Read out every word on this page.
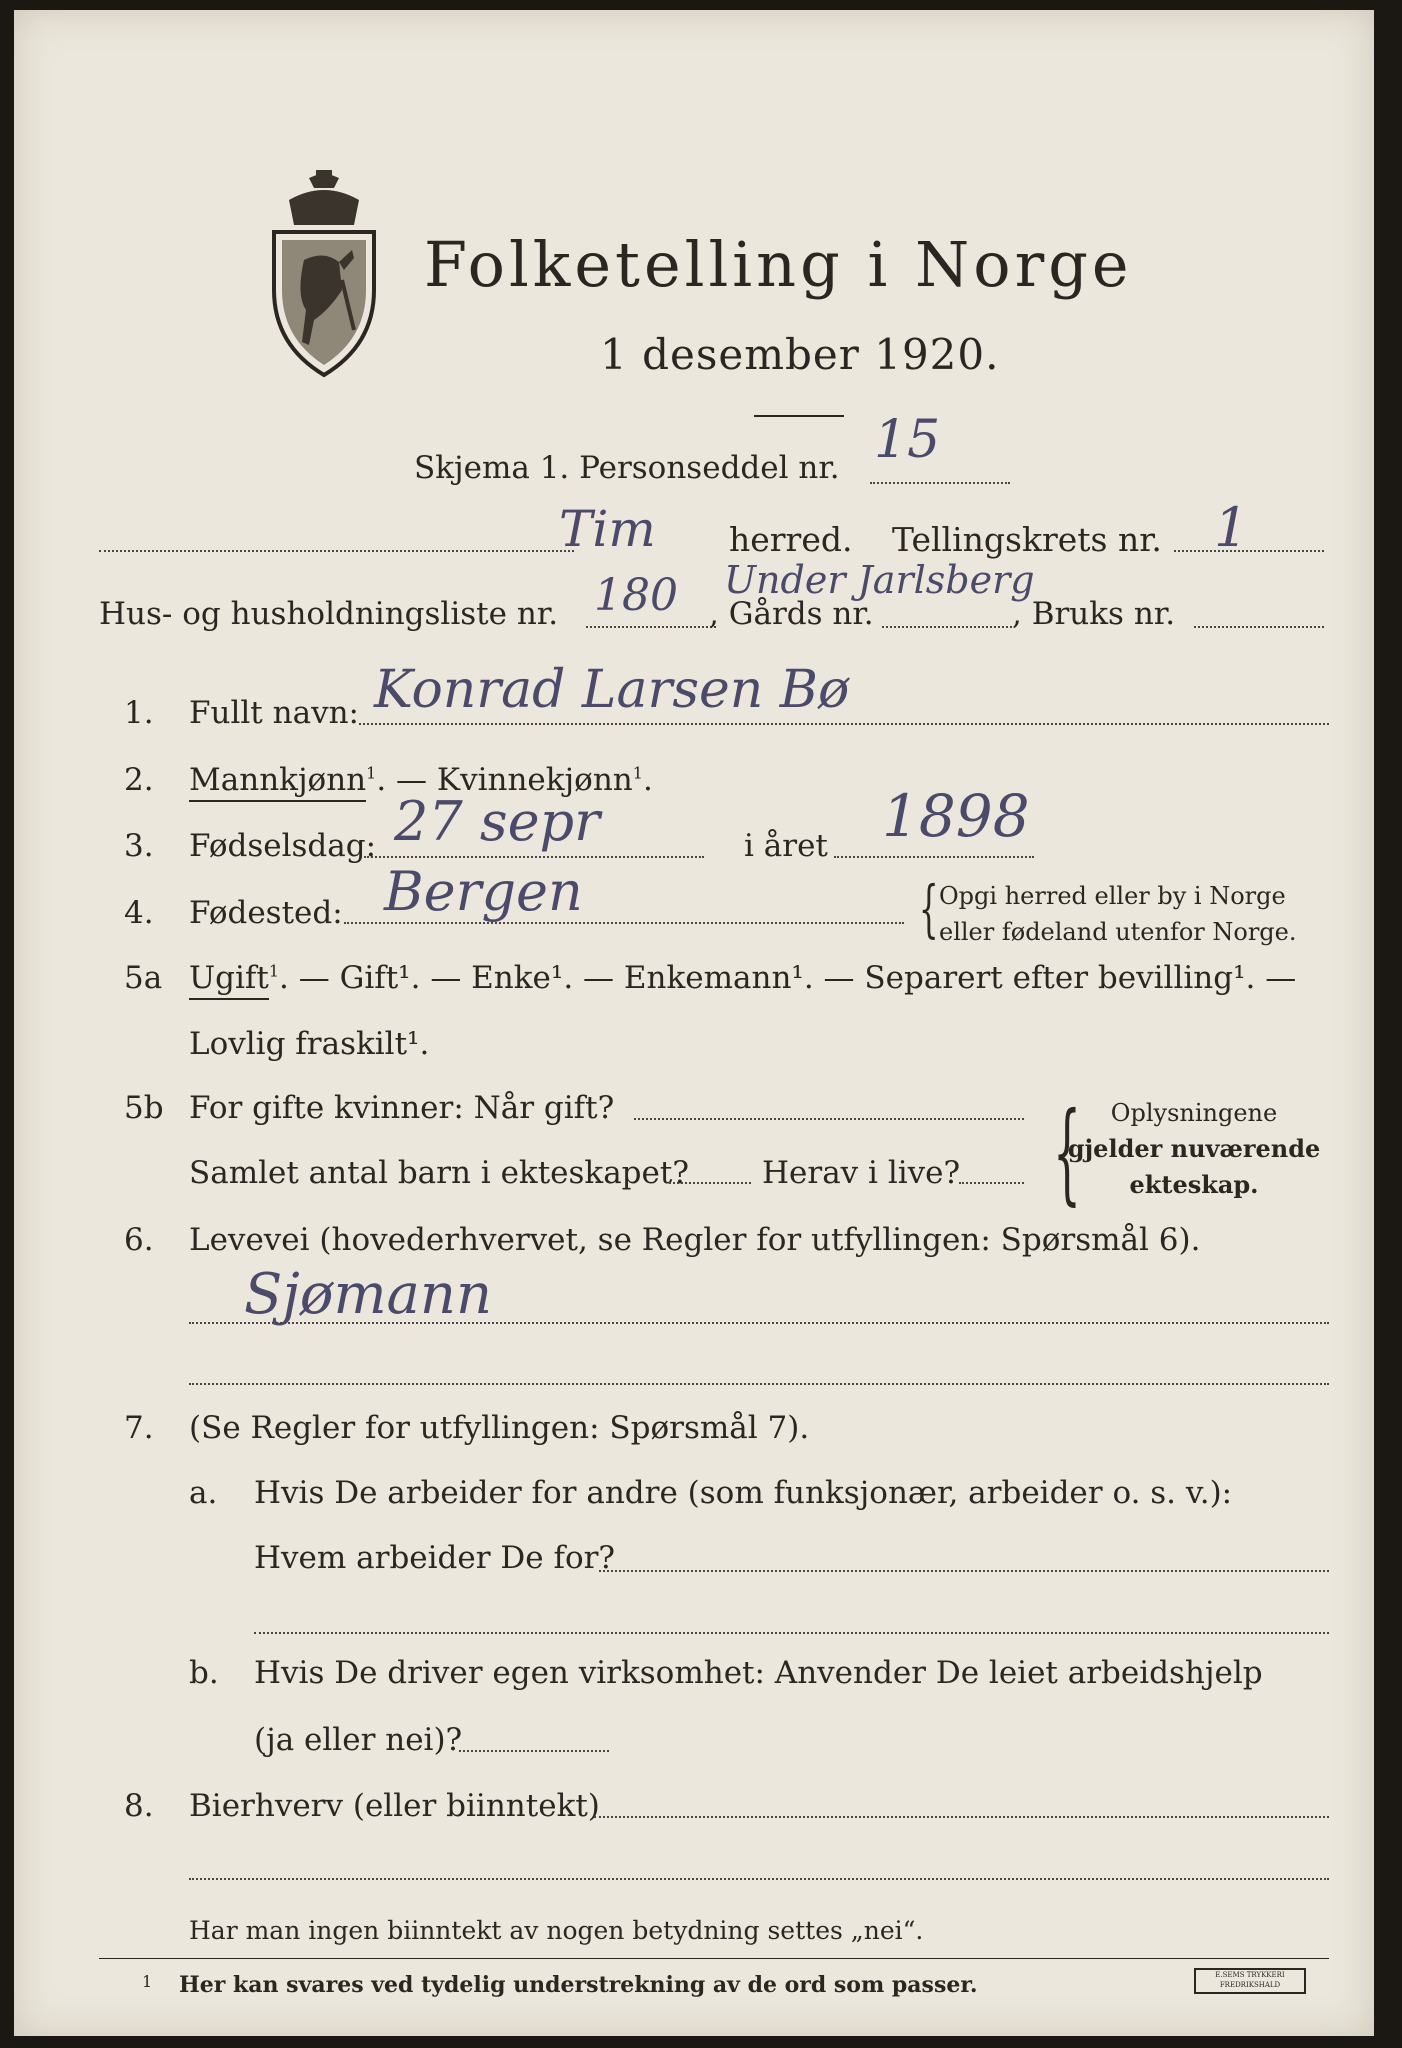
Folketelling i Norge
1 desember 1920.
Skjema 1. Personseddel nr. 15
Tim herred. Tellingskrets nr. 1
Under Jarlsberg
Hus- og husholdningsliste nr. 180 , Gårds nr.	, Bruks nr.
1.	Fullt navn: Konrad Larsen Bø
2.	Mannkjønn$^1$. — Kvinnekjønn$^1$.
3.	Fødselsdag: 27 sepr	i året 1898
4.	Fødested: Bergen	{ Opgi herred eller by i Norge
eller fødeland utenfor Norge.
5a Ugift$^1$. — Gift¹. — Enke¹. — Enkemann¹. — Separert efter bevilling¹. —
Lovlig fraskilt¹.
5b For gifte kvinner: Når gift?
Samlet antal barn i ekteskapet? Herav i live? {	Oplysningene
gjelder nuværende
ekteskap.
6.	Levevei (hovederhvervet, se Regler for utfyllingen: Spørsmål 6).
Sjømann
7.	(Se Regler for utfyllingen: Spørsmål 7).
a. Hvis De arbeider for andre (som funksjonær, arbeider o. s. v.):
Hvem arbeider De for?
b. Hvis De driver egen virksomhet: Anvender De leiet arbeidshjelp
(ja eller nei)?
8.	Bierhverv (eller biinntekt)
Har man ingen biinntekt av nogen betydning settes „nei“.
1 Her kan svares ved tydelig understrekning av de ord som passer.	E.SEMS TRYKKERI
FREDRIKSHALD
